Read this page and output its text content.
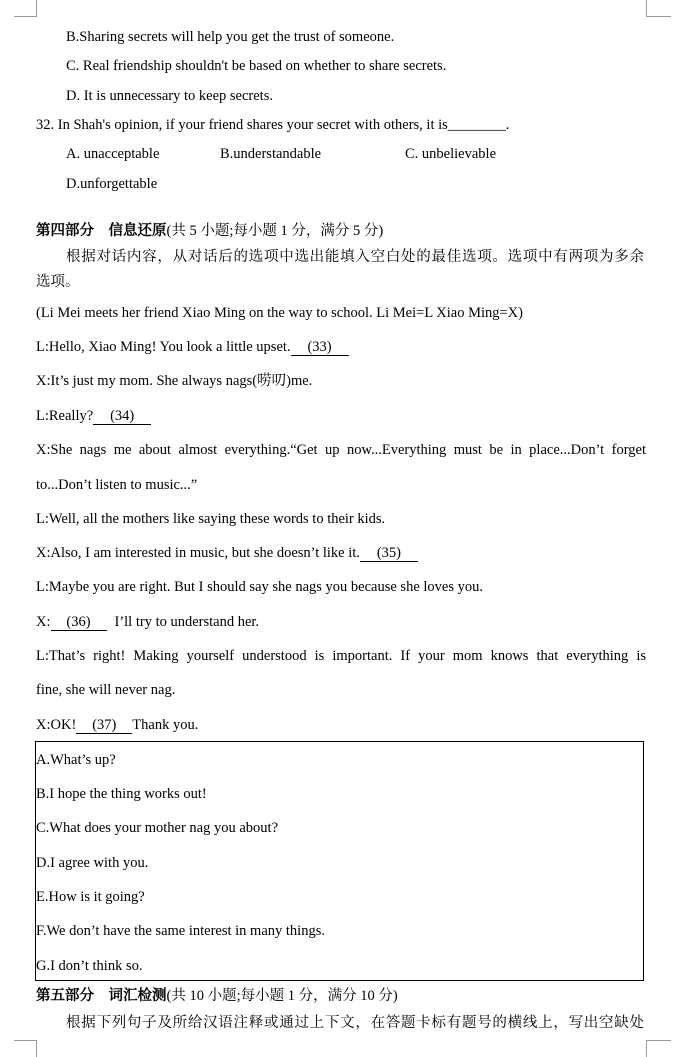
B.Sharing secrets will help you get the trust of someone.
C. Real friendship shouldn't be based on whether to share secrets.
D. It is unnecessary to keep secrets.
32. In Shah's opinion, if your friend shares your secret with others, it is________.
A. unacceptable	B.understandable	C. unbelievable
D.unforgettable
第四部分　信息还原(共 5 小题;每小题 1 分，满分 5 分)
根据对话内容，从对话后的选项中选出能填入空白处的最佳选项。选项中有两项为多余
选项。
(Li Mei meets her friend Xiao Ming on the way to school. Li Mei=L Xiao Ming=X)
L:Hello, Xiao Ming! You look a little upset. (33)
X:It’s just my mom. She always nags(唠叨)me.
L:Really? (34)
X:She nags me about almost everything.“Get up now...Everything must be in place...Don’t forget
to...Don’t listen to music...”
L:Well, all the mothers like saying these words to their kids.
X:Also, I am interested in music, but she doesn’t like it. (35)
L:Maybe you are right. But I should say she nags you because she loves you.
X: (36) I’ll try to understand her.
L:That’s right! Making yourself understood is important. If your mom knows that everything is
fine, she will never nag.
X:OK! (37) Thank you.
A.What’s up?
B.I hope the thing works out!
C.What does your mother nag you about?
D.I agree with you.
E.How is it going?
F.We don’t have the same interest in many things.
G.I don’t think so.
第五部分　词汇检测(共 10 小题;每小题 1 分，满分 10 分)
根据下列句子及所给汉语注释或通过上下文，在答题卡标有题号的横线上，写出空缺处
